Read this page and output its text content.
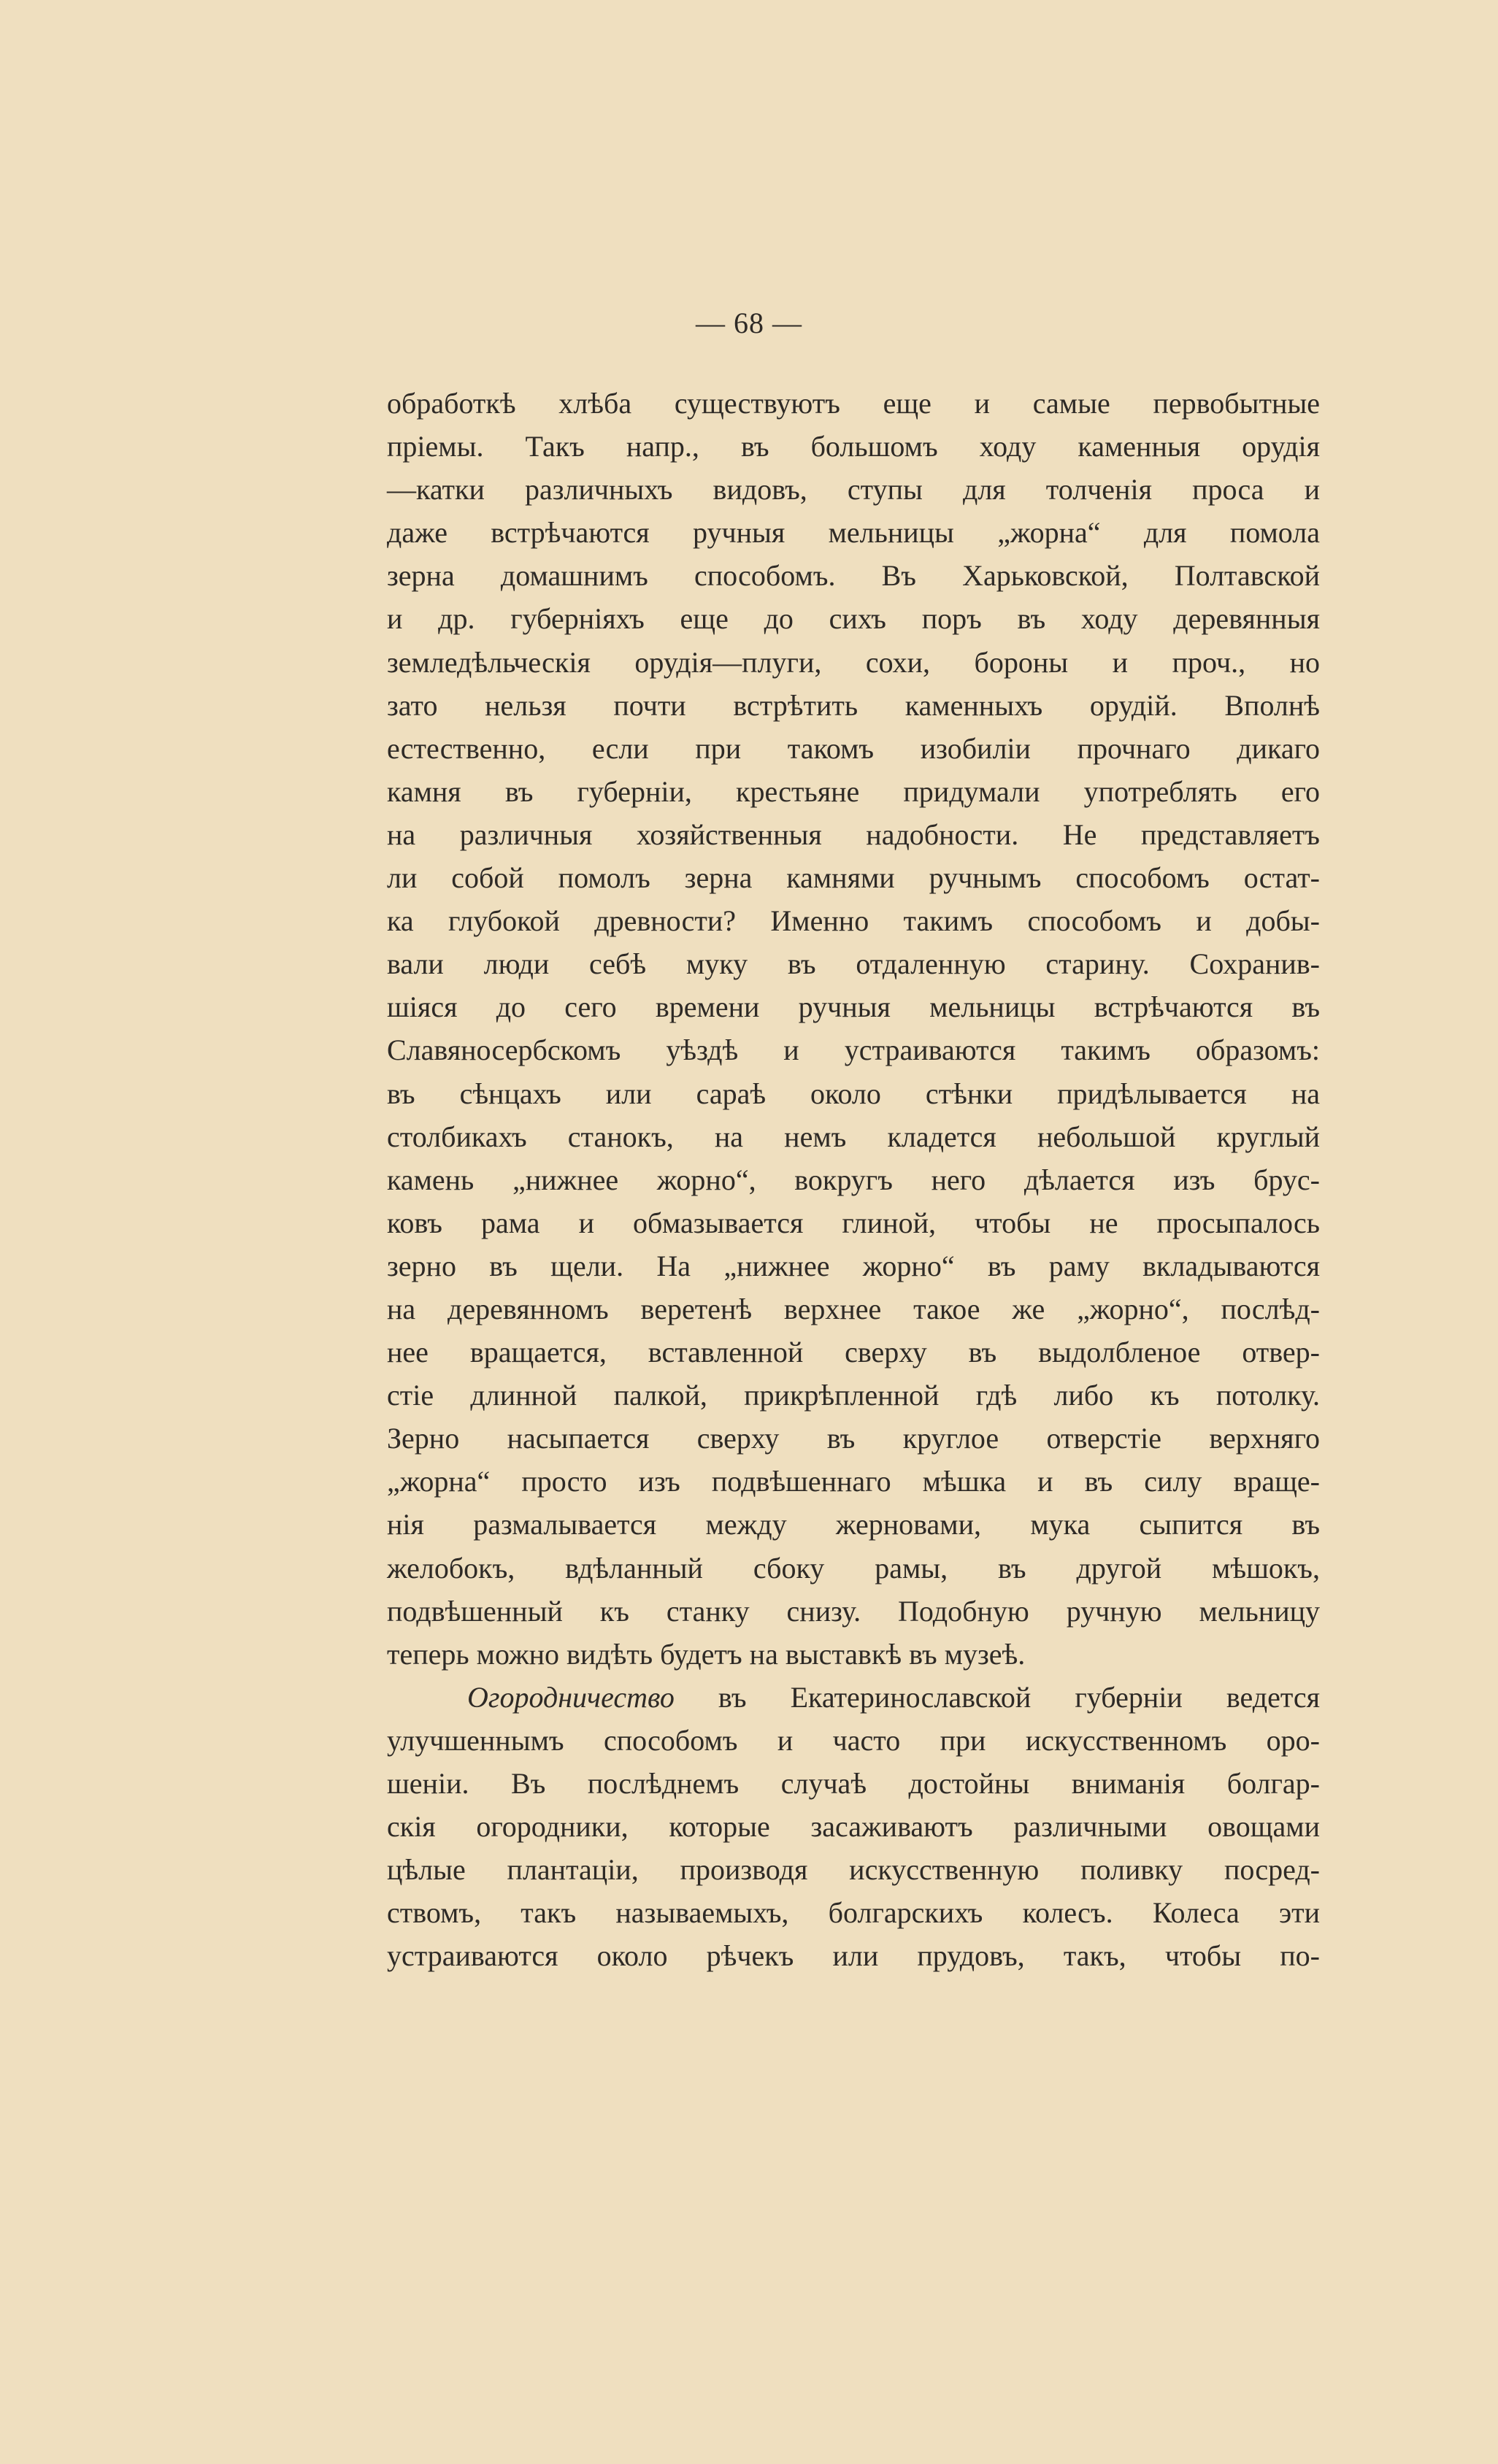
— 68 —
обработкѣ хлѣба существуютъ еще и самые первобытные
пріемы. Такъ напр., въ большомъ ходу каменныя орудія
—катки различныхъ видовъ, ступы для толченія проса и
даже встрѣчаются ручныя мельницы „жорна“ для помола
зерна домашнимъ способомъ. Въ Харьковской, Полтавской
и др. губерніяхъ еще до сихъ поръ въ ходу деревянныя
земледѣльческія орудія—плуги, сохи, бороны и проч., но
зато нельзя почти встрѣтить каменныхъ орудій. Вполнѣ
естественно, если при такомъ изобиліи прочнаго дикаго
камня въ губерніи, крестьяне придумали употреблять его
на различныя хозяйственныя надобности. Не представляетъ
ли собой помолъ зерна камнями ручнымъ способомъ остат-
ка глубокой древности? Именно такимъ способомъ и добы-
вали люди себѣ муку въ отдаленную старину. Сохранив-
шіяся до сего времени ручныя мельницы встрѣчаются въ
Славяносербскомъ уѣздѣ и устраиваются такимъ образомъ:
въ сѣнцахъ или сараѣ около стѣнки придѣлывается на
столбикахъ станокъ, на немъ кладется небольшой круглый
камень „нижнее жорно“, вокругъ него дѣлается изъ брус-
ковъ рама и обмазывается глиной, чтобы не просыпалось
зерно въ щели. На „нижнее жорно“ въ раму вкладываются
на деревянномъ веретенѣ верхнее такое же „жорно“, послѣд-
нее вращается, вставленной сверху въ выдолбленое отвер-
стіе длинной палкой, прикрѣпленной гдѣ либо къ потолку.
Зерно насыпается сверху въ круглое отверстіе верхняго
„жорна“ просто изъ подвѣшеннаго мѣшка и въ силу враще-
нія размалывается между жерновами, мука сыпится въ
желобокъ, вдѣланный сбоку рамы, въ другой мѣшокъ,
подвѣшенный къ станку снизу. Подобную ручную мельницу
теперь можно видѣть будетъ на выставкѣ въ музеѣ.
Огородничество въ Екатеринославской губерніи ведется
улучшеннымъ способомъ и часто при искусственномъ оро-
шеніи. Въ послѣднемъ случаѣ достойны вниманія болгар-
скія огородники, которые засаживаютъ различными овощами
цѣлые плантаціи, производя искусственную поливку посред-
ствомъ, такъ называемыхъ, болгарскихъ колесъ. Колеса эти
устраиваются около рѣчекъ или прудовъ, такъ, чтобы по-
